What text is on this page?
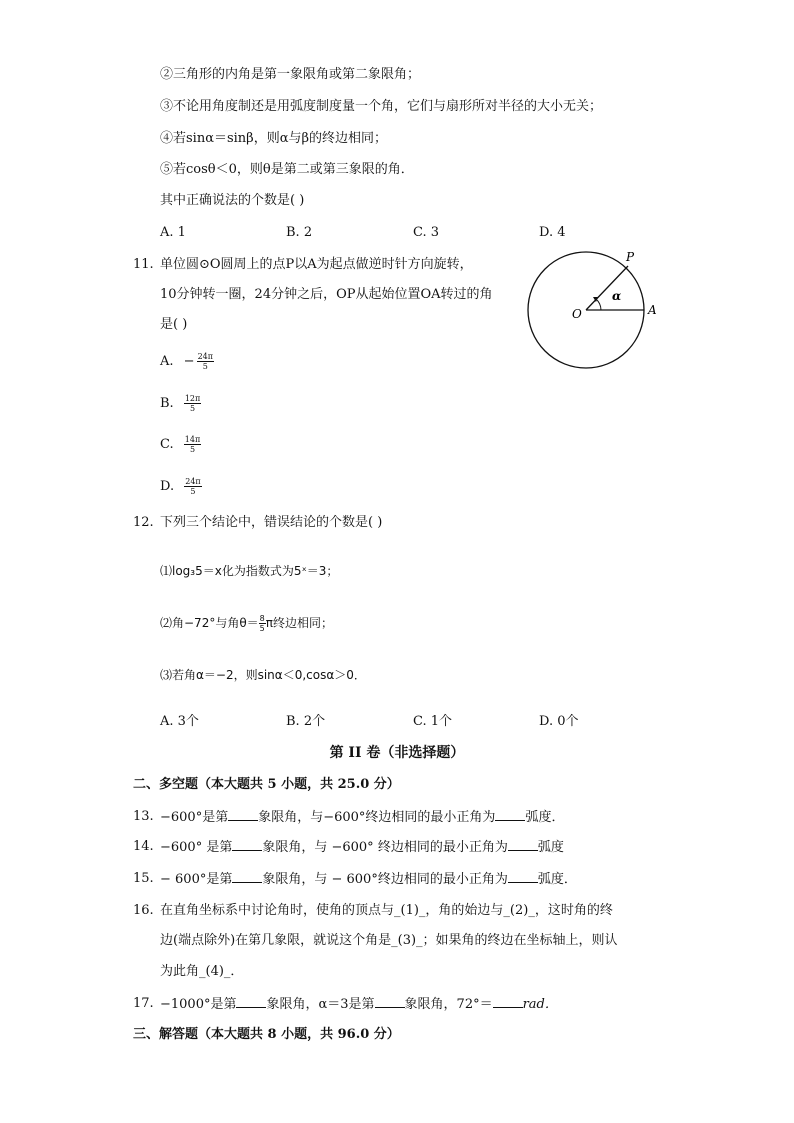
②三角形的内角是第一象限角或第二象限角；
③不论用角度制还是用弧度制度量一个角，它们与扇形所对半径的大小无关；
④若sinα＝sinβ，则α与β的终边相同；
⑤若cosθ＜0，则θ是第二或第三象限的角．
其中正确说法的个数是( )
A. 1	B. 2	C. 3	D. 4
11. 单位圆⊙O圆周上的点P以A为起点做逆时针方向旋转，
10分钟转一圈，24分钟之后，OP从起始位置OA转过的角
是( )
A. − $\frac{24\pi}{5}$
B. $\frac{12\pi}{5}$
C. $\frac{14\pi}{5}$
D. $\frac{24\pi}{5}$
P
O	A
α
12. 下列三个结论中，错误结论的个数是( )
⑴log₃5＝x化为指数式为5ˣ＝3；
⑵角−72°与角$\theta= \frac{8}{5}$ π终边相同；
⑶若角α＝−2，则sinα＜0,cosα＞0．
A. 3个	B. 2个	C. 1个	D. 0个
第 II 卷（非选择题）
二、多空题（本大题共 5 小题，共 25.0 分）
13. −600°是第 象限角，与−600°终边相同的最小正角为 弧度．
14. −600° 是第 象限角，与 −600° 终边相同的最小正角为 弧度
15. − 600°是第 象限角，与 − 600°终边相同的最小正角为 弧度．
16. 在直角坐标系中讨论角时，使角的顶点与_(1)_，角的始边与_(2)_，这时角的终
边(端点除外)在第几象限，就说这个角是_(3)_；如果角的终边在坐标轴上，则认
为此角_(4)_．
17. −1000°是第 象限角，α＝3是第 象限角，72°＝ rad．
三、解答题（本大题共 8 小题，共 96.0 分）
